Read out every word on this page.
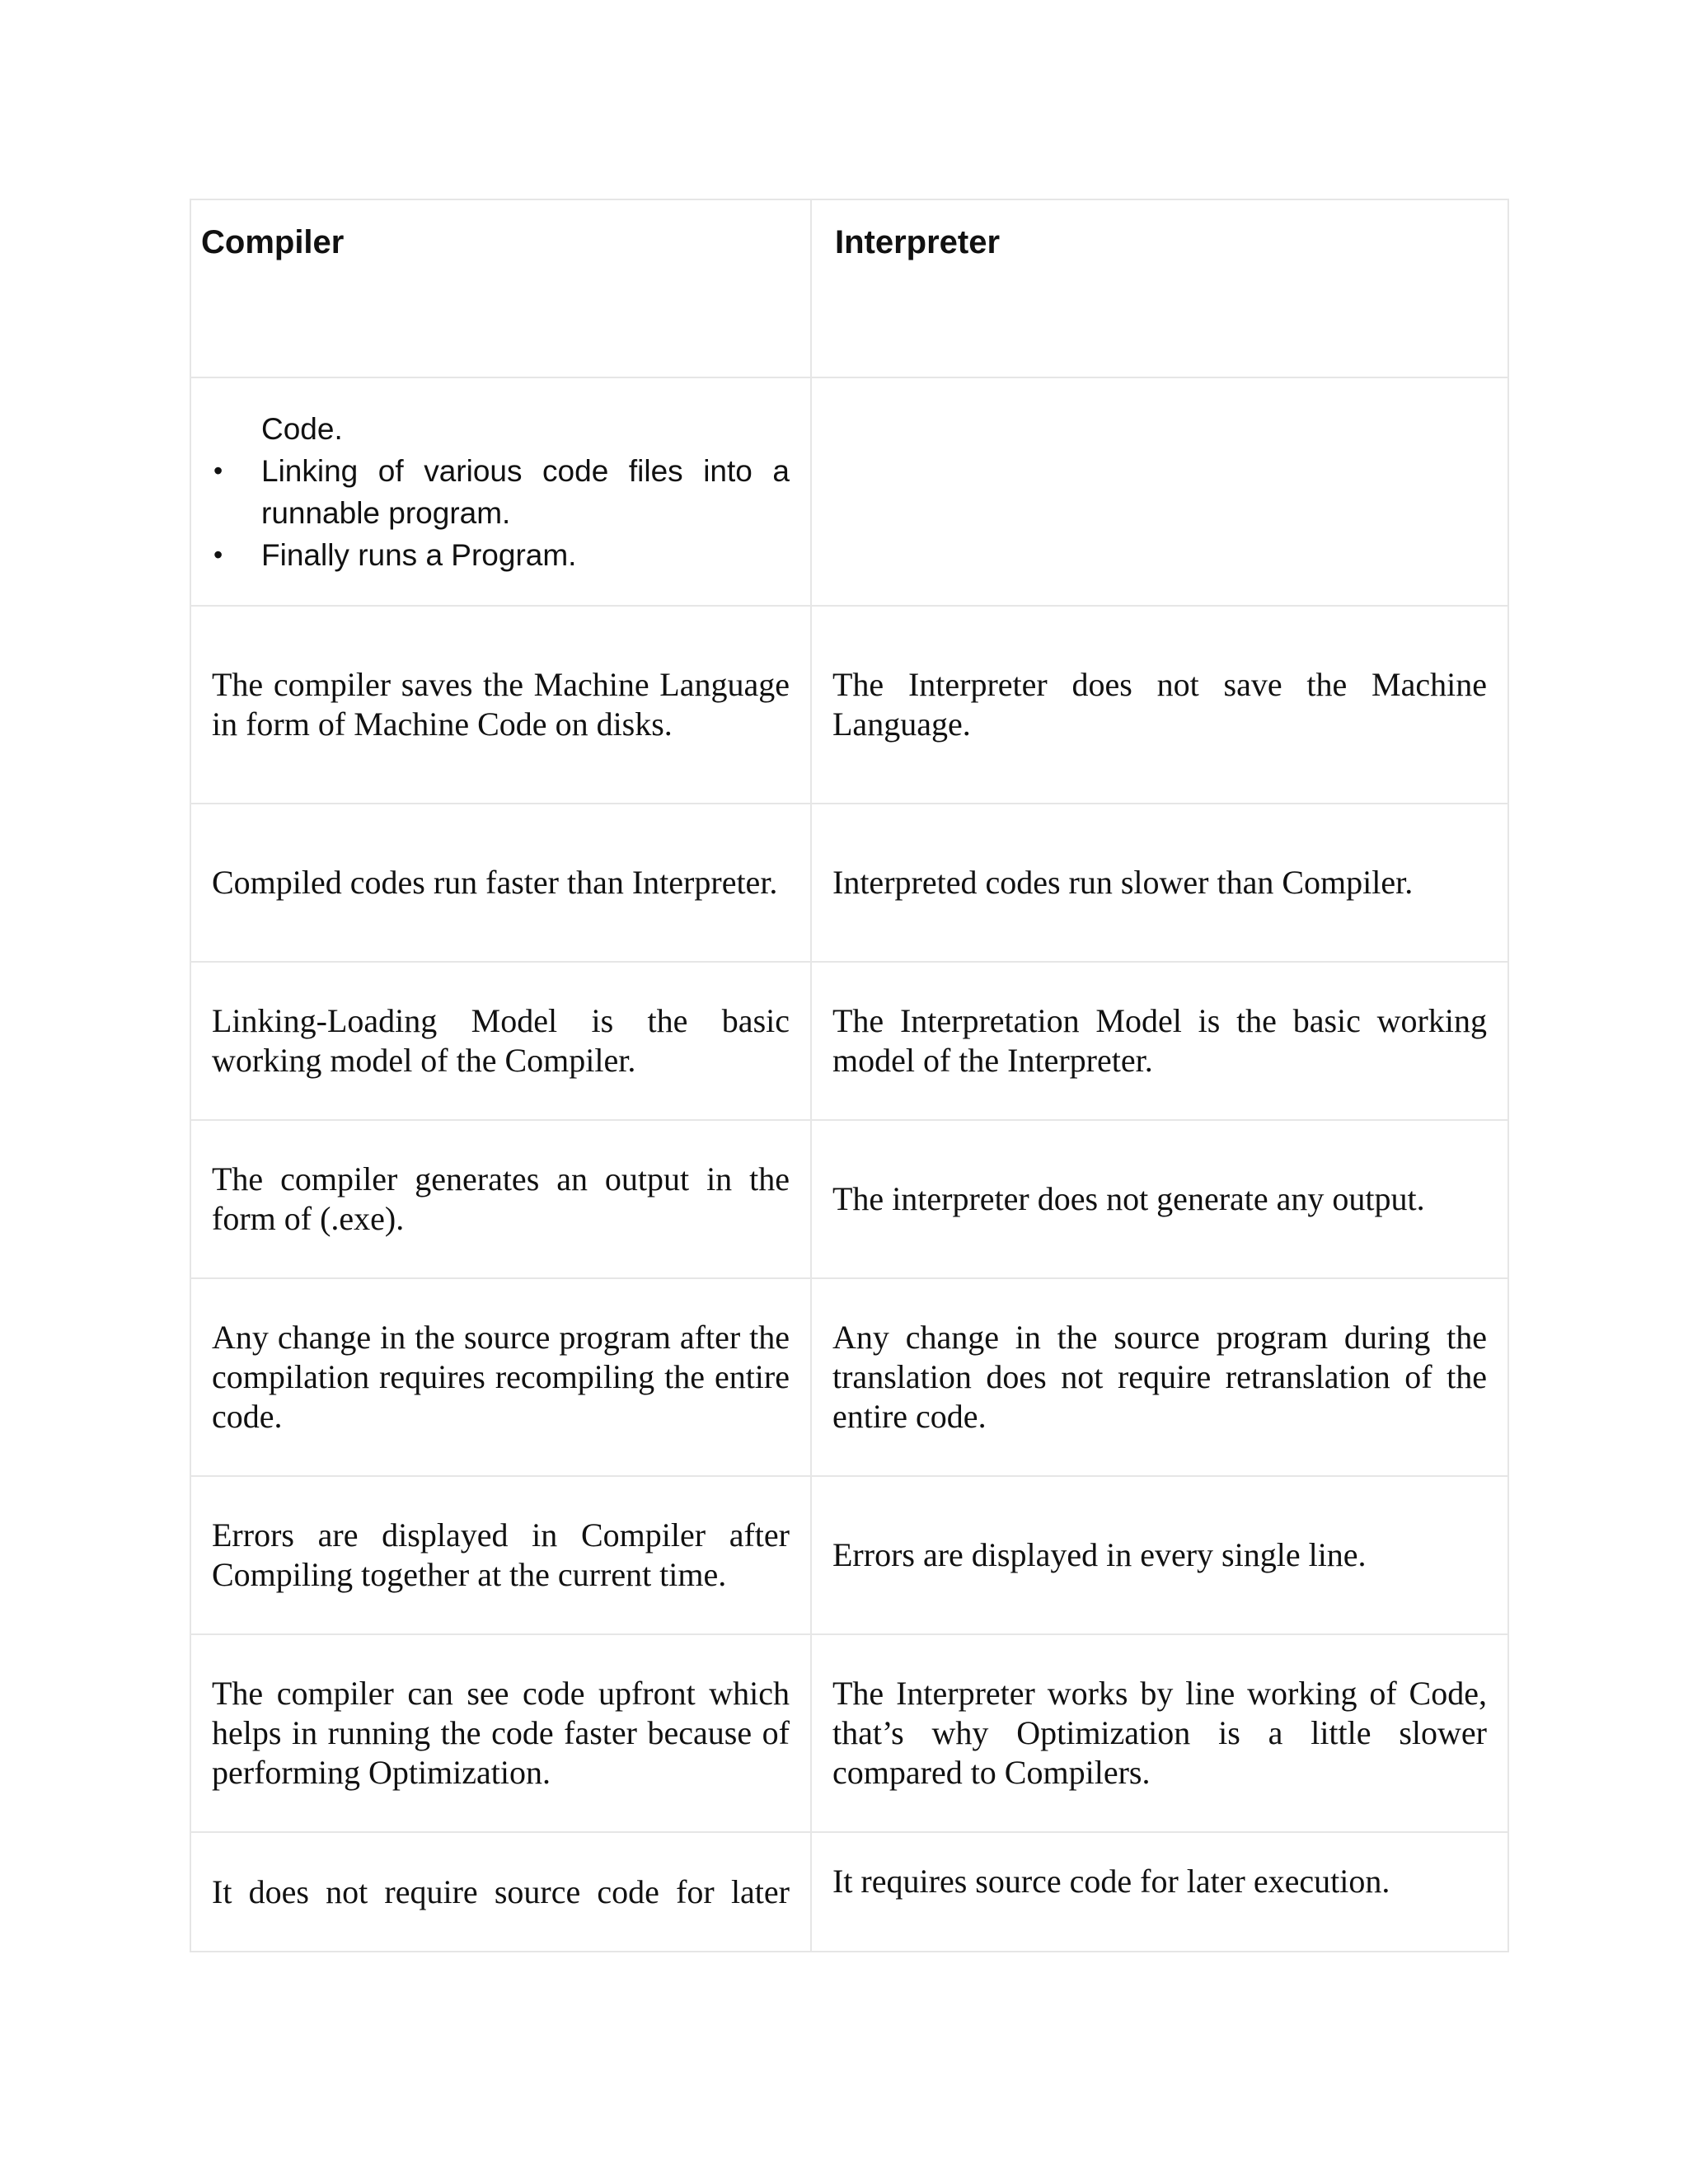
Compiler	Interpreter
Code.
• Linking of various code files into a runnable program.
• Finally runs a Program.
The compiler saves the Machine Language in form of Machine Code on disks.
The Interpreter does not save the Machine Language.
Compiled codes run faster than Interpreter.	Interpreted codes run slower than Compiler.
Linking-Loading Model is the basic working model of the Compiler.
The Interpretation Model is the basic working model of the Interpreter.
The compiler generates an output in the form of (.exe).
The interpreter does not generate any output.
Any change in the source program after the compilation requires recompiling the entire code.
Any change in the source program during the translation does not require retranslation of the entire code.
Errors are displayed in Compiler after Compiling together at the current time.
Errors are displayed in every single line.
The compiler can see code upfront which helps in running the code faster because of performing Optimization.
The Interpreter works by line working of Code, that’s why Optimization is a little slower compared to Compilers.
It does not require source code for later It requires source code for later execution.
